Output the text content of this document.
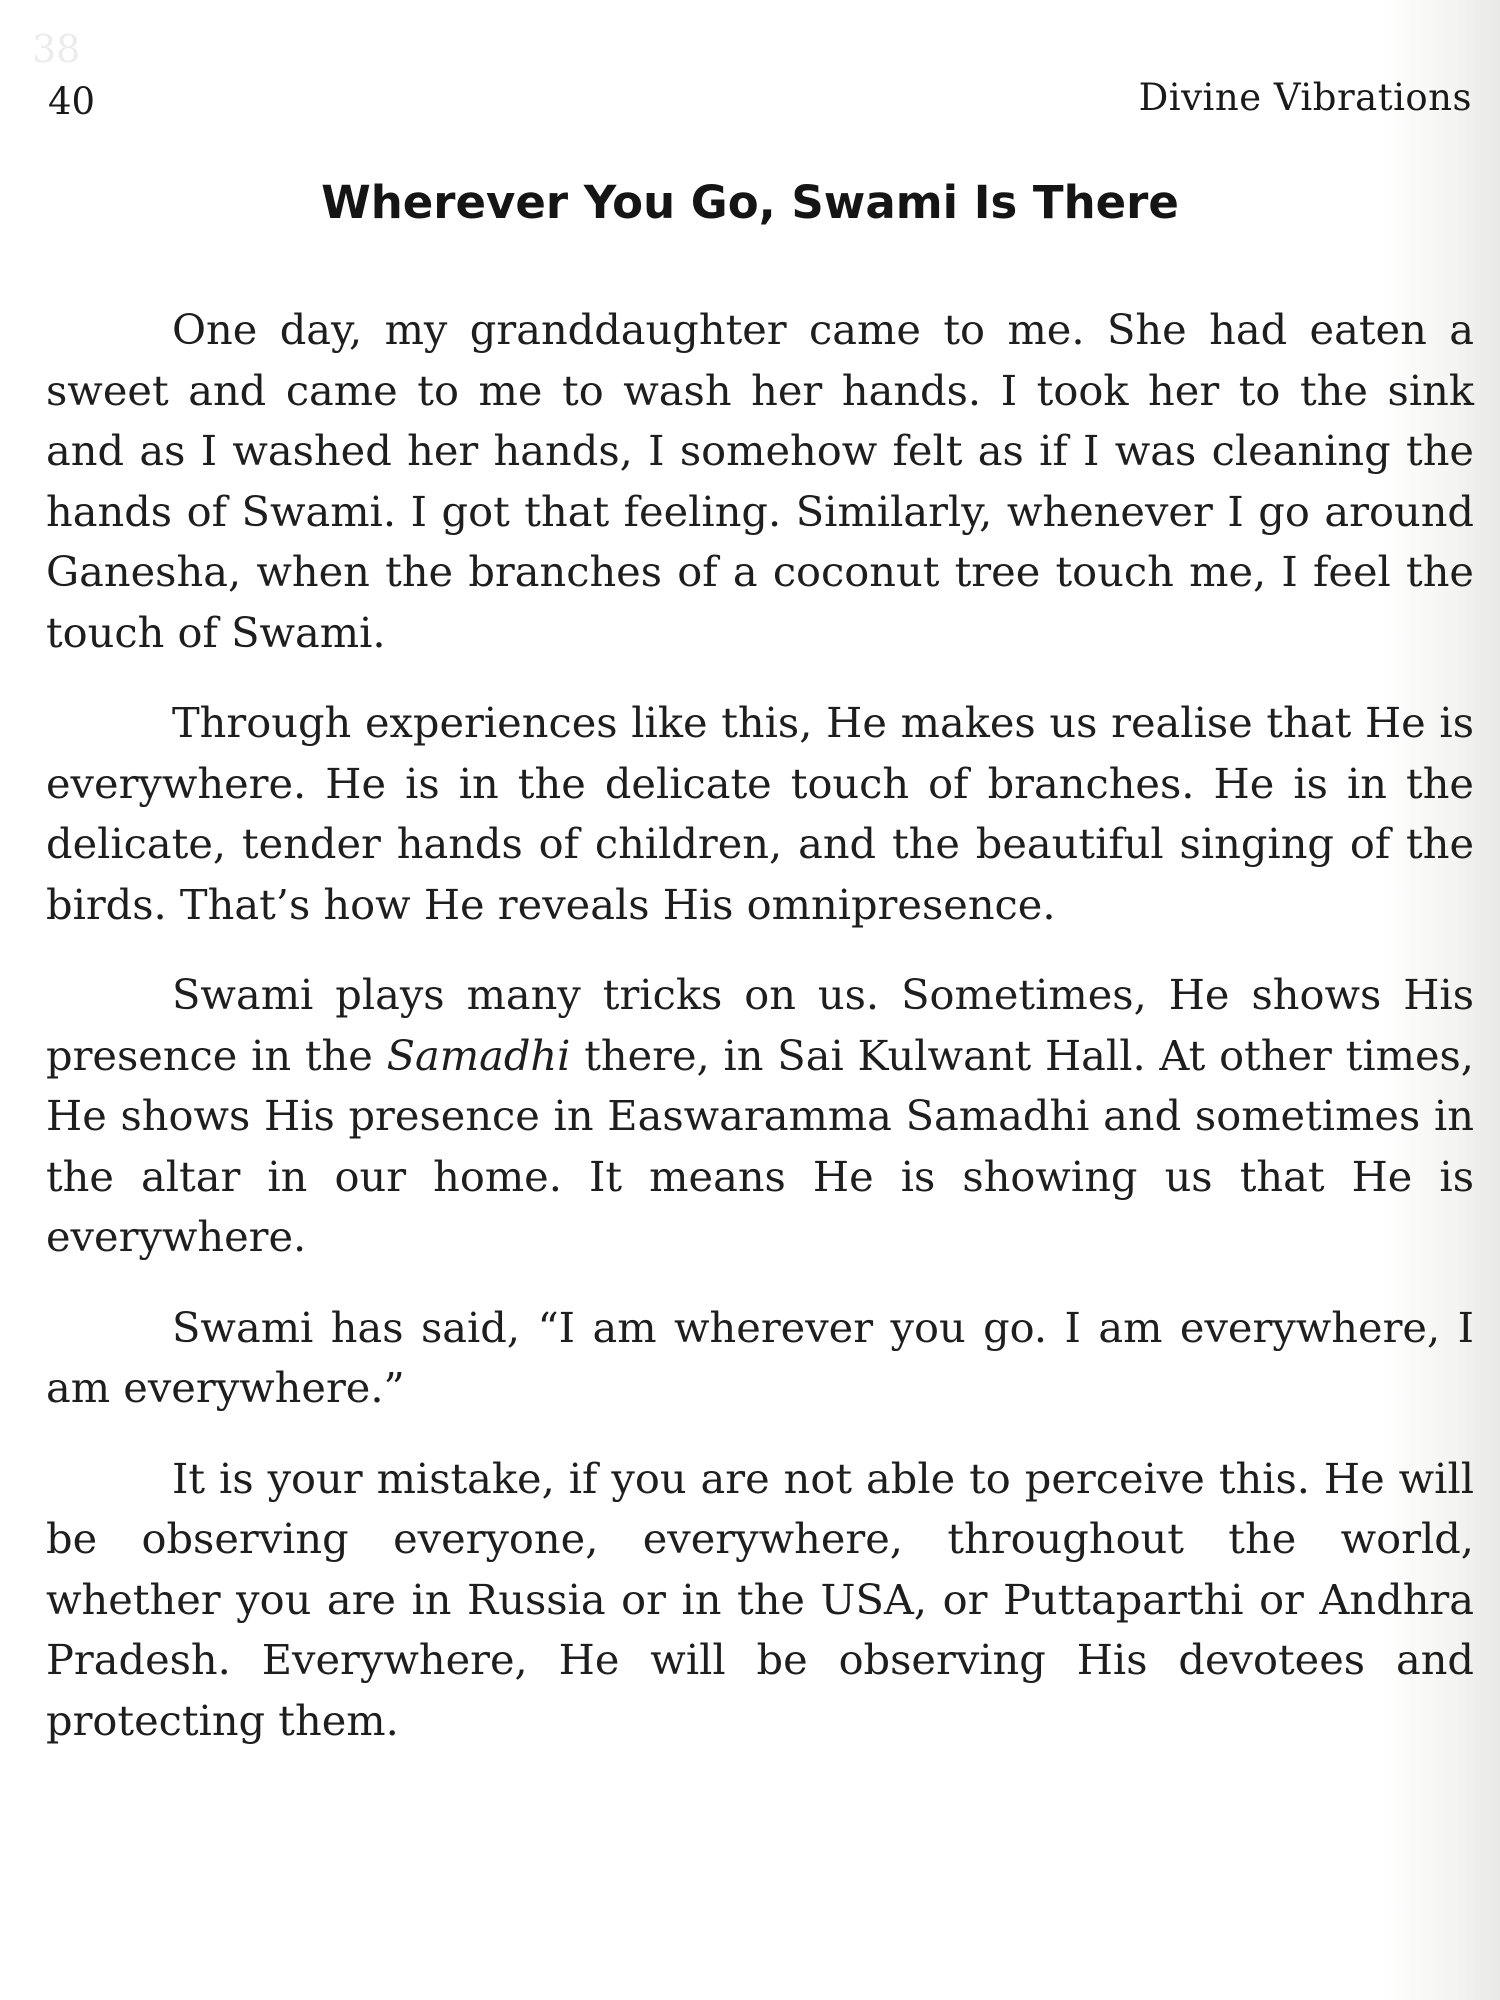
38
40	Divine Vibrations
Wherever You Go, Swami Is There

One day, my granddaughter came to me. She had eaten a sweet and came to me to wash her hands. I took her to the sink and as I washed her hands, I somehow felt as if I was cleaning the hands of Swami. I got that feeling. Similarly, whenever I go around Ganesha, when the branches of a coconut tree touch me, I feel the touch of Swami.

Through experiences like this, He makes us realise that He is everywhere. He is in the delicate touch of branches. He is in the delicate, tender hands of children, and the beautiful singing of the birds. That’s how He reveals His omnipresence.

Swami plays many tricks on us. Sometimes, He shows His presence in the Samadhi there, in Sai Kulwant Hall. At other times, He shows His presence in Easwaramma Samadhi and sometimes in the altar in our home. It means He is showing us that He is everywhere.

Swami has said, “I am wherever you go. I am everywhere, I am everywhere.”

It is your mistake, if you are not able to perceive this. He will be observing everyone, everywhere, throughout the world, whether you are in Russia or in the USA, or Puttaparthi or Andhra Pradesh. Everywhere, He will be observing His devotees and protecting them.
